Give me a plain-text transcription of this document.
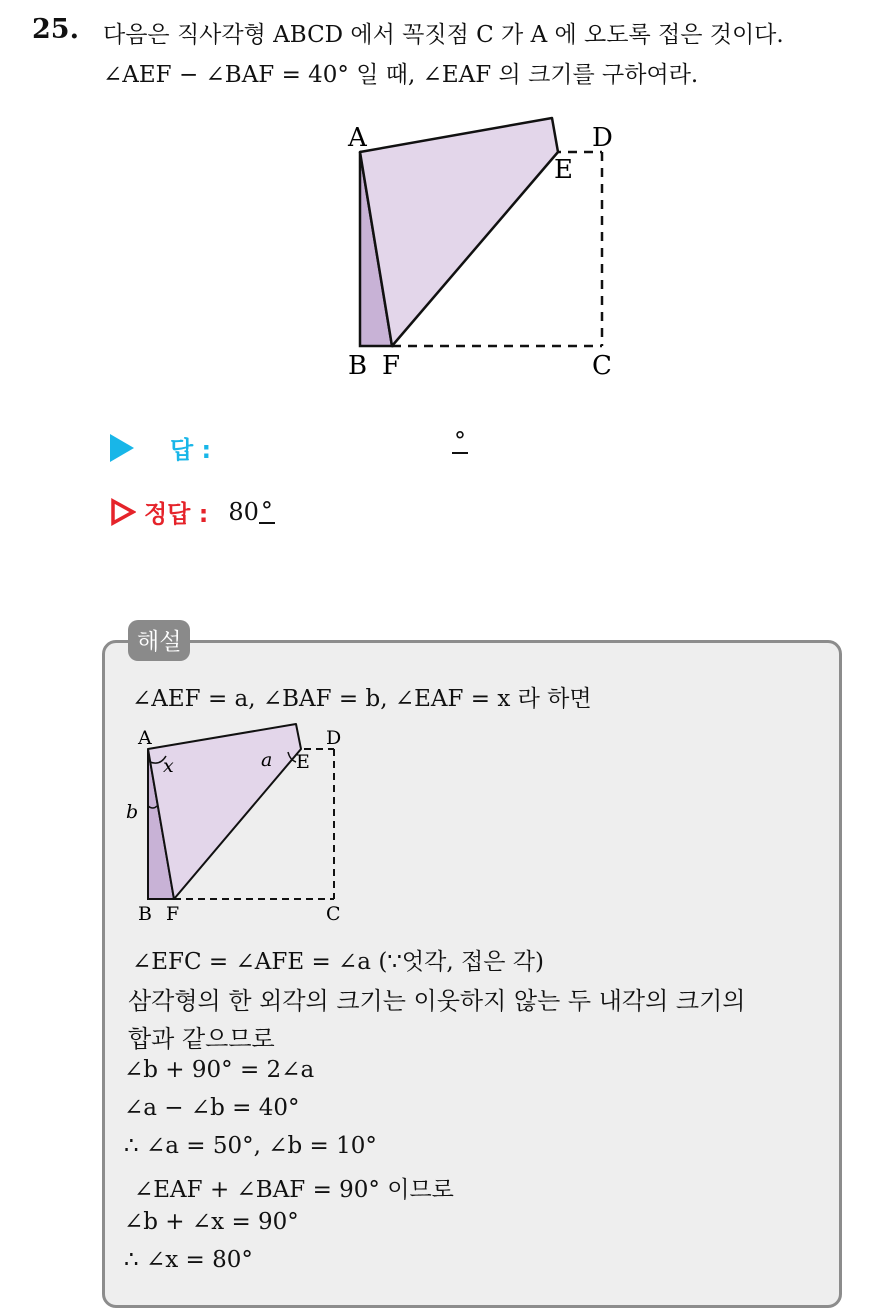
25. 다음은 직사각형 ABCD 에서 꼭짓점 C 가 A 에 오도록 접은 것이다.
∠AEF − ∠BAF = 40° 일 때, ∠EAF 의 크기를 구하여라.
A	D
E
B F	C
답 :	°
정답 : 80 °
해설
∠AEF = a, ∠BAF = b, ∠EAF = x 라 하면
A	D
E
B F	C
x	a
b
∠EFC = ∠AFE = ∠a (∵엇각, 접은 각)
삼각형의 한 외각의 크기는 이웃하지 않는 두 내각의 크기의
합과 같으므로
∠b + 90° = 2∠a
∠a − ∠b = 40°
∴ ∠a = 50°, ∠b = 10°
∠EAF + ∠BAF = 90° 이므로
∠b + ∠x = 90°
∴ ∠x = 80°
